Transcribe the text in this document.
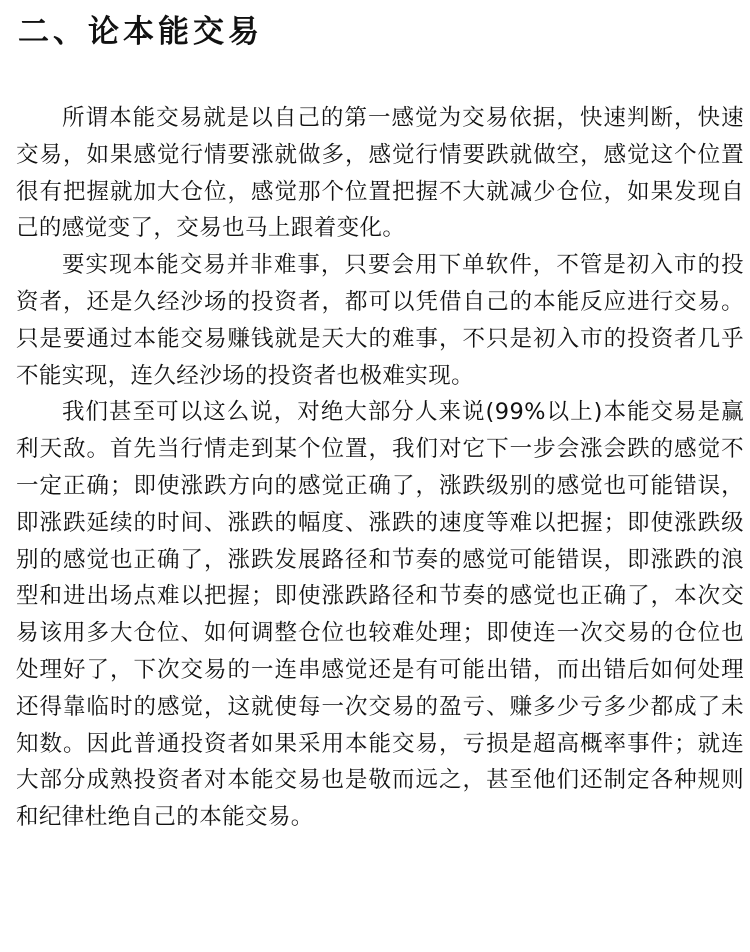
二、论本能交易

所谓本能交易就是以自己的第一感觉为交易依据，快速判断，快速交易，如果感觉行情要涨就做多，感觉行情要跌就做空，感觉这个位置很有把握就加大仓位，感觉那个位置把握不大就减少仓位，如果发现自己的感觉变了，交易也马上跟着变化。

要实现本能交易并非难事，只要会用下单软件，不管是初入市的投资者，还是久经沙场的投资者，都可以凭借自己的本能反应进行交易。只是要通过本能交易赚钱就是天大的难事，不只是初入市的投资者几乎不能实现，连久经沙场的投资者也极难实现。

我们甚至可以这么说，对绝大部分人来说(99%以上)本能交易是赢利天敌。首先当行情走到某个位置，我们对它下一步会涨会跌的感觉不一定正确；即使涨跌方向的感觉正确了，涨跌级别的感觉也可能错误，即涨跌延续的时间、涨跌的幅度、涨跌的速度等难以把握；即使涨跌级别的感觉也正确了，涨跌发展路径和节奏的感觉可能错误，即涨跌的浪型和进出场点难以把握；即使涨跌路径和节奏的感觉也正确了，本次交易该用多大仓位、如何调整仓位也较难处理；即使连一次交易的仓位也处理好了，下次交易的一连串感觉还是有可能出错，而出错后如何处理还得靠临时的感觉，这就使每一次交易的盈亏、赚多少亏多少都成了未知数。因此普通投资者如果采用本能交易，亏损是超高概率事件；就连大部分成熟投资者对本能交易也是敬而远之，甚至他们还制定各种规则和纪律杜绝自己的本能交易。
